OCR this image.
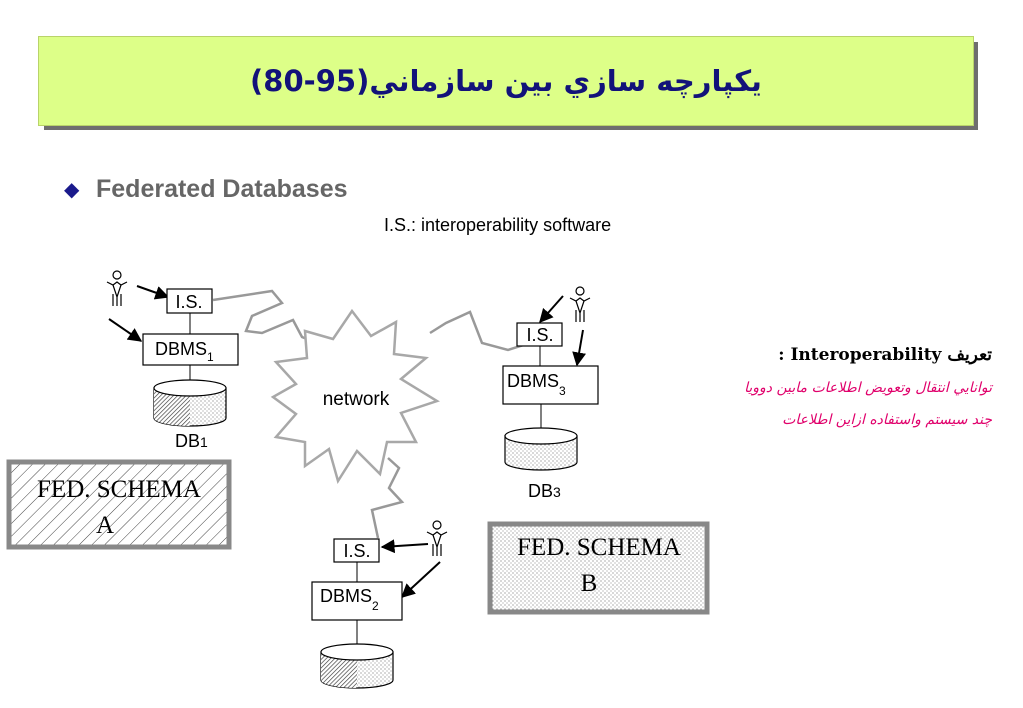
يکپارچه سازي بين سازماني(95-80)
◆ Federated Databases
I.S.: interoperability software
تعريف Interoperability :
توانايي انتقال وتعويض اطلاعات مابين دوويا
چند سيستم واستفاده ازاين اطلاعات
network
I.S.
$DBMS_1$
DB1
FED. SCHEMA
A
I.S.
$DBMS_3$
DB3
FED. SCHEMA
B
I.S.
$DBMS_2$
